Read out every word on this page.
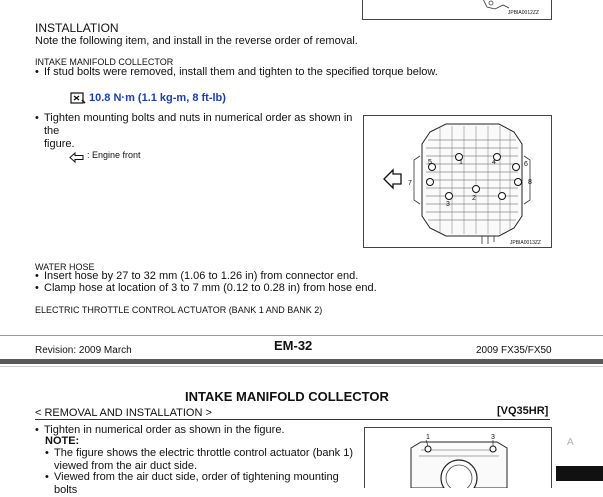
JPBIA0012ZZ
INSTALLATION
Note the following item, and install in the reverse order of removal.
INTAKE MANIFOLD COLLECTOR
• If stud bolts were removed, install them and tighten to the specified torque below.
10.8 N·m (1.1 kg-m, 8 ft-lb)
• Tighten mounting bolts and nuts in numerical order as shown in the
figure.
: Engine front
5	1	4	6
7	8
2
3
JPBIA0013ZZ
WATER HOSE
• Insert hose by 27 to 32 mm (1.06 to 1.26 in) from connector end.
• Clamp hose at location of 3 to 7 mm (0.12 to 0.28 in) from hose end.
ELECTRIC THROTTLE CONTROL ACTUATOR (BANK 1 AND BANK 2)
Revision: 2009 March	EM-32	2009 FX35/FX50
INTAKE MANIFOLD COLLECTOR
< REMOVAL AND INSTALLATION >	[VQ35HR]
• Tighten in numerical order as shown in the figure.
NOTE:
• The figure shows the electric throttle control actuator (bank 1)
viewed from the air duct side.
• Viewed from the air duct side, order of tightening mounting bolts
1	3	A
